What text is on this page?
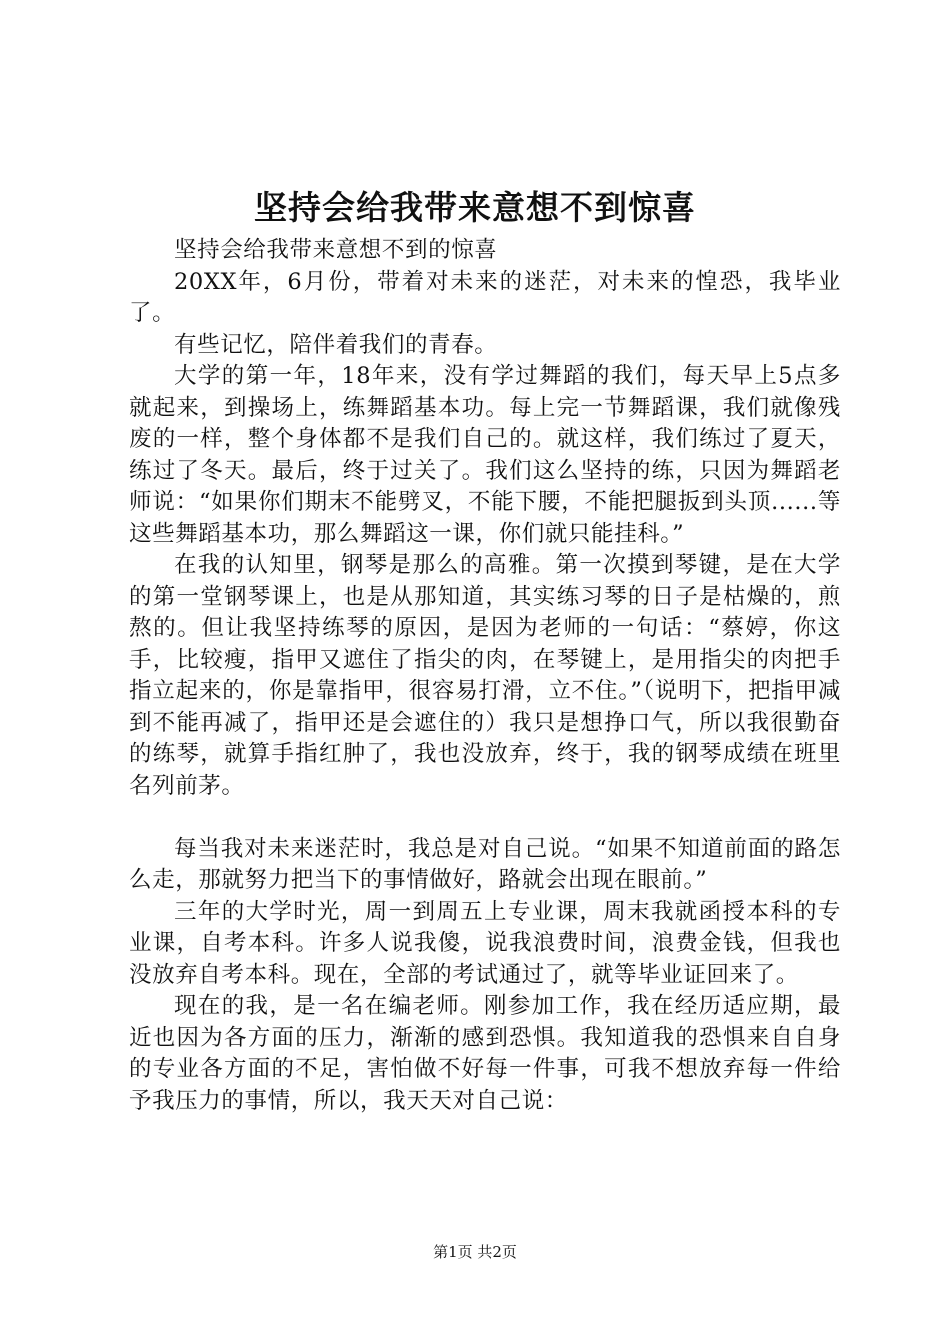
坚持会给我带来意想不到惊喜

坚持会给我带来意想不到的惊喜

20XX年，6月份，带着对未来的迷茫，对未来的惶恐，我毕业了。

有些记忆，陪伴着我们的青春。

大学的第一年，18年来，没有学过舞蹈的我们，每天早上5点多就起来，到操场上，练舞蹈基本功。每上完一节舞蹈课，我们就像残废的一样，整个身体都不是我们自己的。就这样，我们练过了夏天，练过了冬天。最后，终于过关了。我们这么坚持的练，只因为舞蹈老师说：“如果你们期末不能劈叉，不能下腰，不能把腿扳到头顶......等这些舞蹈基本功，那么舞蹈这一课，你们就只能挂科。”

在我的认知里，钢琴是那么的高雅。第一次摸到琴键，是在大学的第一堂钢琴课上，也是从那知道，其实练习琴的日子是枯燥的，煎熬的。但让我坚持练琴的原因，是因为老师的一句话：“蔡婷，你这手，比较瘦，指甲又遮住了指尖的肉，在琴键上，是用指尖的肉把手指立起来的，你是靠指甲，很容易打滑，立不住。”（说明下，把指甲减到不能再减了，指甲还是会遮住的）我只是想挣口气，所以我很勤奋的练琴，就算手指红肿了，我也没放弃，终于，我的钢琴成绩在班里名列前茅。

每当我对未来迷茫时，我总是对自己说。“如果不知道前面的路怎么走，那就努力把当下的事情做好，路就会出现在眼前。”

三年的大学时光，周一到周五上专业课，周末我就函授本科的专业课，自考本科。许多人说我傻，说我浪费时间，浪费金钱，但我也没放弃自考本科。现在，全部的考试通过了，就等毕业证回来了。

现在的我，是一名在编老师。刚参加工作，我在经历适应期，最近也因为各方面的压力，渐渐的感到恐惧。我知道我的恐惧来自自身的专业各方面的不足，害怕做不好每一件事，可我不想放弃每一件给予我压力的事情，所以，我天天对自己说：

第1页 共2页
